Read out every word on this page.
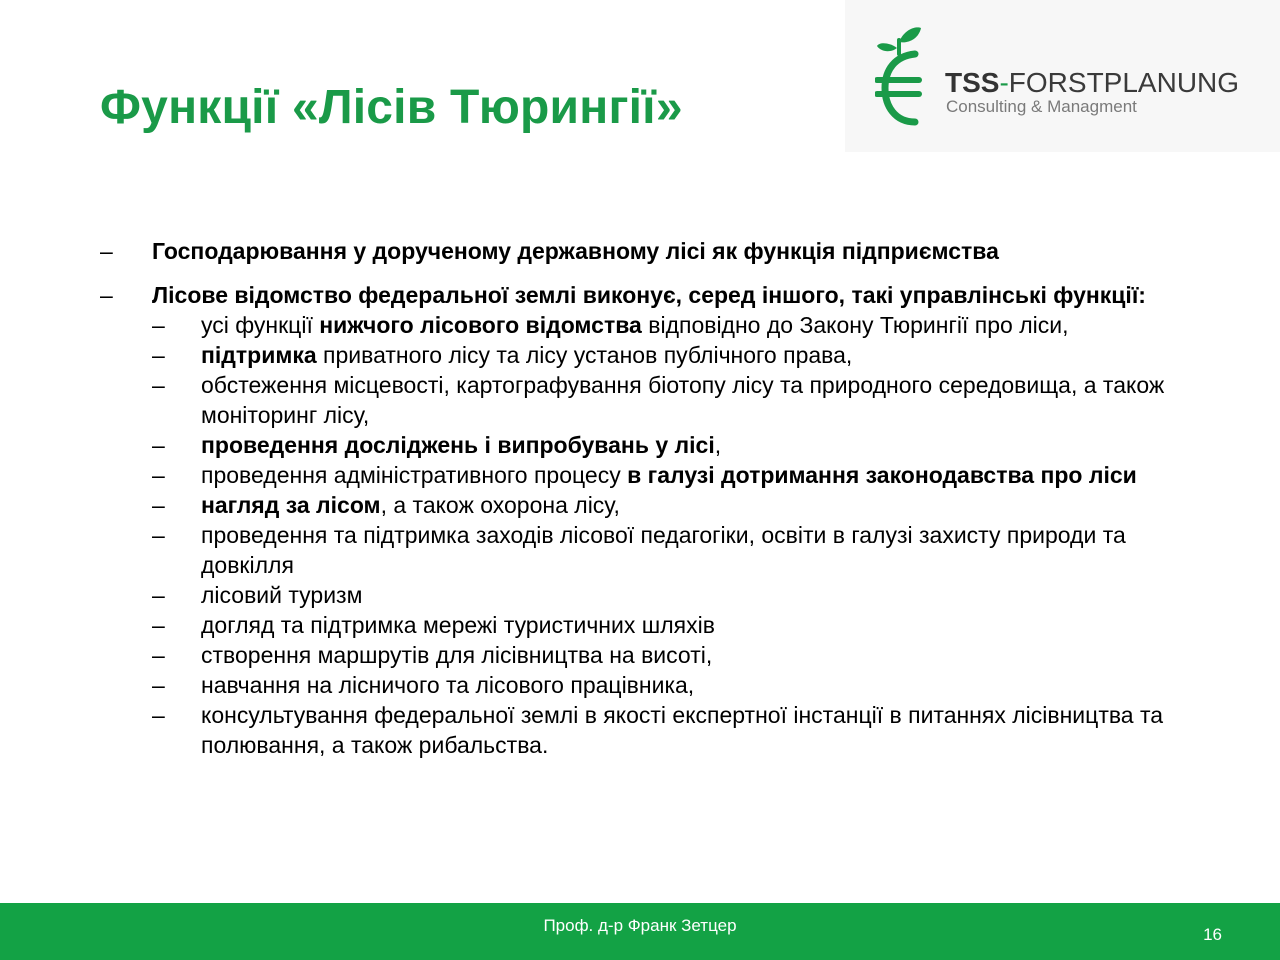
Функції «Лісів Тюрингії»	TSS-FORSTPLANUNG
Consulting & Managment
– Господарювання у дорученому державному лісі як функція підприємства
– Лісове відомство федеральної землі виконує, серед іншого, такі управлінські функції:
– усі функції нижчого лісового відомства відповідно до Закону Тюрингії про ліси,
– підтримка приватного лісу та лісу установ публічного права,
– обстеження місцевості, картографування біотопу лісу та природного середовища, а також моніторинг лісу,
– проведення досліджень і випробувань у лісі,
– проведення адміністративного процесу в галузі дотримання законодавства про ліси
– нагляд за лісом, а також охорона лісу,
– проведення та підтримка заходів лісової педагогіки, освіти в галузі захисту природи та довкілля
– лісовий туризм
– догляд та підтримка мережі туристичних шляхів
– створення маршрутів для лісівництва на висоті,
– навчання на лісничого та лісового працівника,
– консультування федеральної землі в якості експертної інстанції в питаннях лісівництва та полювання, а також рибальства.
Проф. д-р Франк Зетцер	16
